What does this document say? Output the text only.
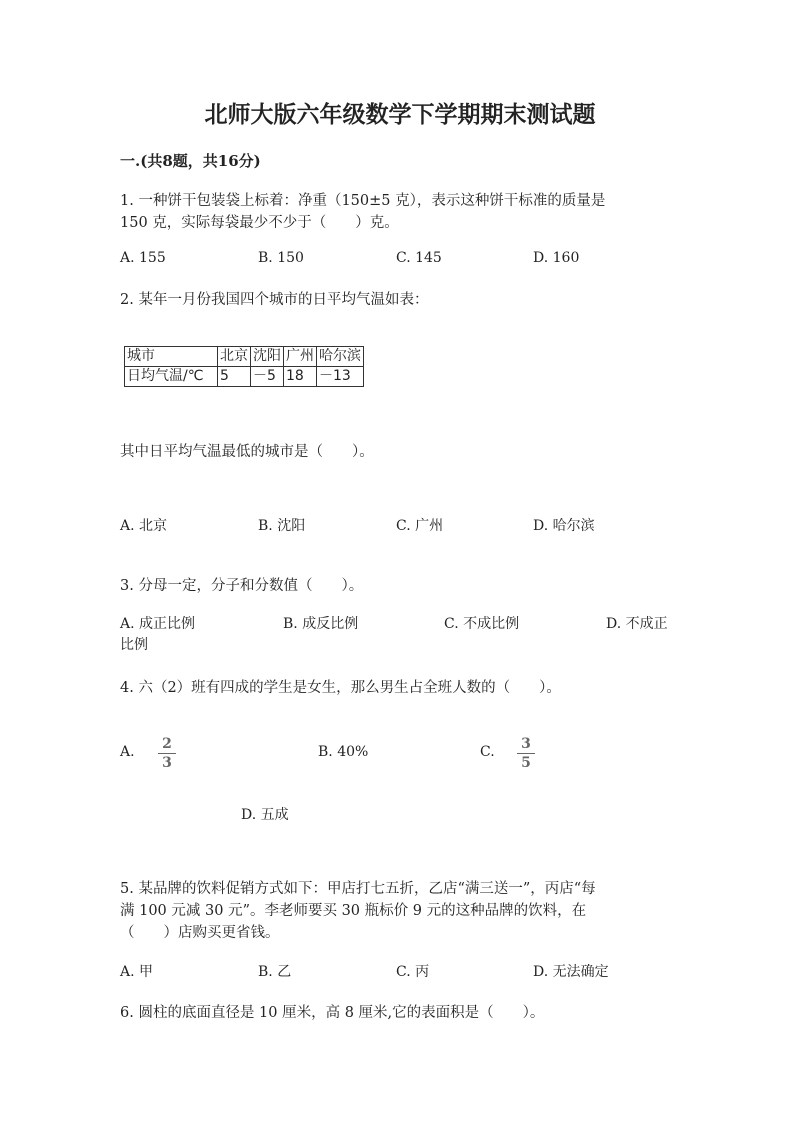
北师大版六年级数学下学期期末测试题
一.(共8题，共16分)
1. 一种饼干包装袋上标着：净重（150±5 克），表示这种饼干标准的质量是
150 克，实际每袋最少不少于（　　）克。
A. 155	B. 150	C. 145	D. 160
2. 某年一月份我国四个城市的日平均气温如表：
城市	北京	沈阳	广州	哈尔滨
日均气温/℃	5	－5	18	－13
其中日平均气温最低的城市是（　　）。
A. 北京	B. 沈阳	C. 广州	D. 哈尔滨
3. 分母一定，分子和分数值（　　）。
A. 成正比例	B. 成反比例	C. 不成比例	D. 不成正
比例
4. 六（2）班有四成的学生是女生，那么男生占全班人数的（　　）。
A. 2
3
B. 40%	C. 3
5
D. 五成
5. 某品牌的饮料促销方式如下：甲店打七五折，乙店“满三送一”，丙店“每
满 100 元减 30 元”。李老师要买 30 瓶标价 9 元的这种品牌的饮料，在
（　　）店购买更省钱。
A. 甲	B. 乙	C. 丙	D. 无法确定
6. 圆柱的底面直径是 10 厘米，高 8 厘米,它的表面积是（　　）。
